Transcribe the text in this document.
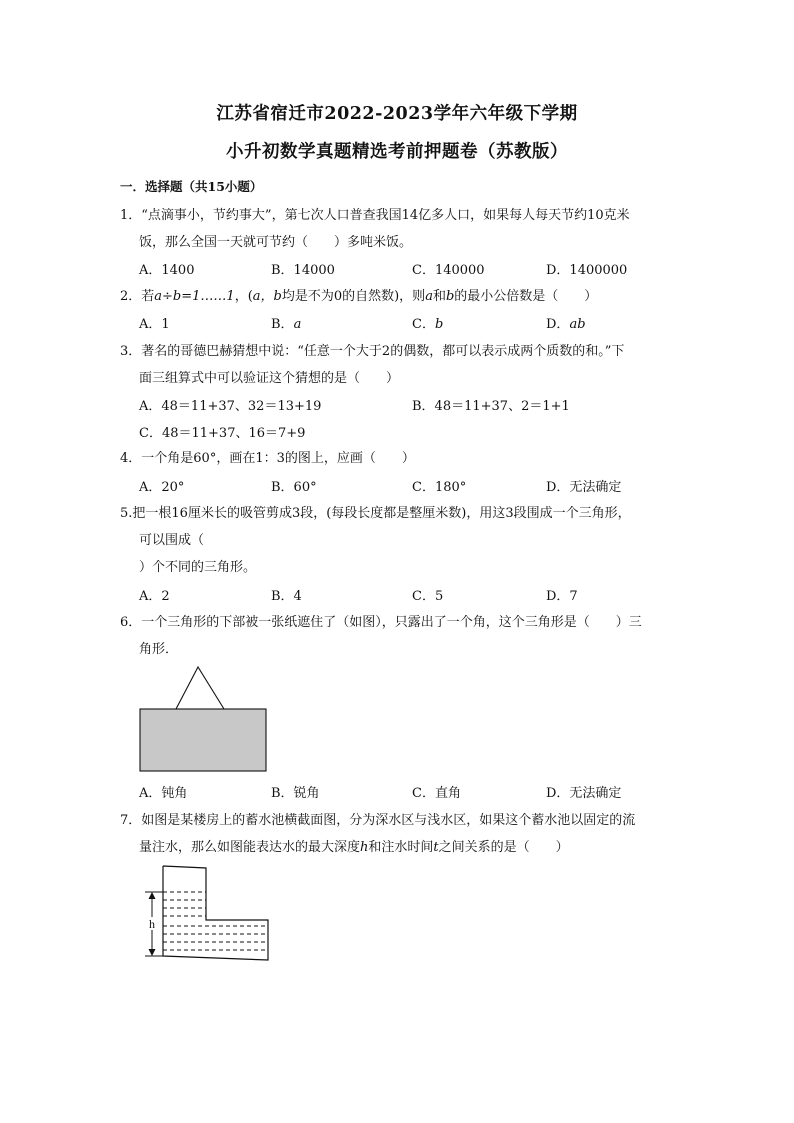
江苏省宿迁市2022-2023学年六年级下学期
小升初数学真题精选考前押题卷（苏教版）
一．选择题（共15小题）
1．“点滴事小，节约事大”，第七次人口普查我国14亿多人口，如果每人每天节约10克米
饭，那么全国一天就可节约（　　）多吨米饭。
A．1400	B．14000	C．140000	D．1400000
2．若a÷b=1……1，(a，b均是不为0的自然数)，则a和b的最小公倍数是（　　）
A．1	B．a	C．b	D．ab
3．著名的哥德巴赫猜想中说：“任意一个大于2的偶数，都可以表示成两个质数的和。”下
面三组算式中可以验证这个猜想的是（　　）
A．48＝11+37、32＝13+19	B．48＝11+37、2＝1+1
C．48＝11+37、16＝7+9
4．一个角是60°，画在1：3的图上，应画（　　）
A．20°	B．60°	C．180°	D．无法确定
5.把一根16厘米长的吸管剪成3段，(每段长度都是整厘米数)，用这3段围成一个三角形，
可以围成（
）个不同的三角形。
A．2	B．4	C．5	D．7
6．一个三角形的下部被一张纸遮住了（如图），只露出了一个角，这个三角形是（　　）三
角形．
A．钝角	B．锐角	C．直角	D．无法确定
7．如图是某楼房上的蓄水池横截面图，分为深水区与浅水区，如果这个蓄水池以固定的流
量注水，那么如图能表达水的最大深度h和注水时间t之间关系的是（　　）
h
